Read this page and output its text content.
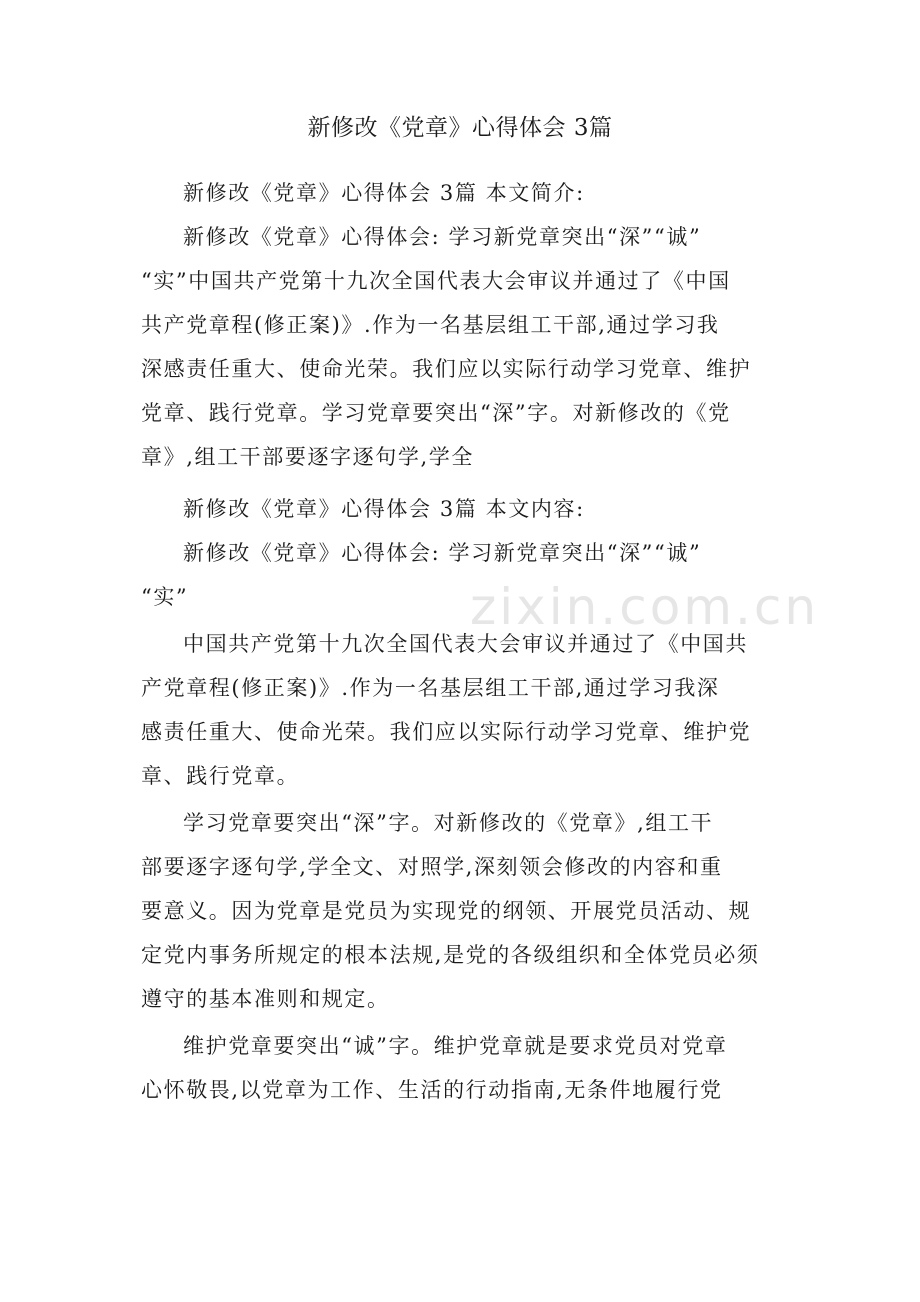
zixin.com.cn
新修改《党章》心得体会 3篇

新修改《党章》心得体会 3篇 本文简介:

新修改《党章》心得体会: 学习新党章突出“深”“诚”
“实”中国共产党第十九次全国代表大会审议并通过了《中国
共产党章程(修正案)》.作为一名基层组工干部,通过学习我
深感责任重大、使命光荣。我们应以实际行动学习党章、维护
党章、践行党章。学习党章要突出“深”字。对新修改的《党
章》,组工干部要逐字逐句学,学全

新修改《党章》心得体会 3篇 本文内容:

新修改《党章》心得体会: 学习新党章突出“深”“诚”
“实”

中国共产党第十九次全国代表大会审议并通过了《中国共
产党章程(修正案)》.作为一名基层组工干部,通过学习我深
感责任重大、使命光荣。我们应以实际行动学习党章、维护党
章、践行党章。

学习党章要突出“深”字。对新修改的《党章》,组工干
部要逐字逐句学,学全文、对照学,深刻领会修改的内容和重
要意义。因为党章是党员为实现党的纲领、开展党员活动、规
定党内事务所规定的根本法规,是党的各级组织和全体党员必须
遵守的基本准则和规定。

维护党章要突出“诚”字。维护党章就是要求党员对党章
心怀敬畏,以党章为工作、生活的行动指南,无条件地履行党
